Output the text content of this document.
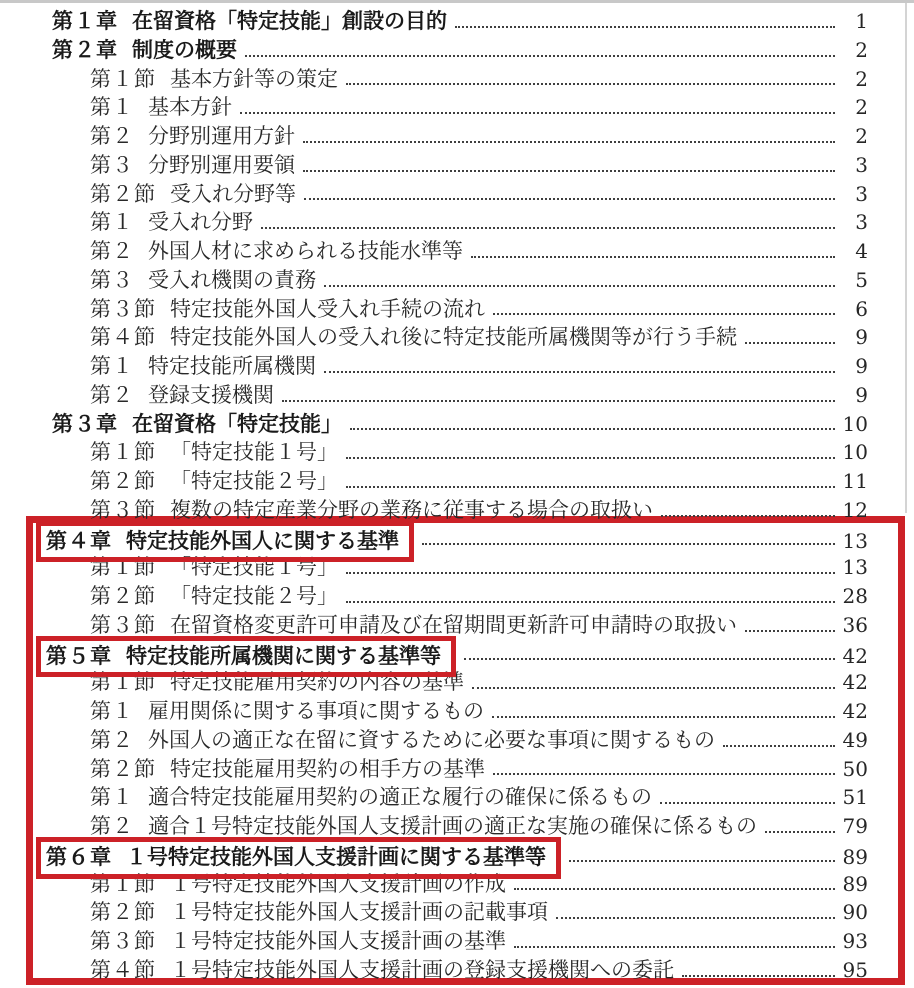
第１章 在留資格「特定技能」創設の目的	1
第２章 制度の概要	2
第１節 基本方針等の策定	2
第１ 基本方針	2
第２ 分野別運用方針	2
第３ 分野別運用要領	3
第２節 受入れ分野等	3
第１ 受入れ分野	3
第２ 外国人材に求められる技能水準等	4
第３ 受入れ機関の責務	5
第３節 特定技能外国人受入れ手続の流れ	6
第４節 特定技能外国人の受入れ後に特定技能所属機関等が行う手続	9
第１ 特定技能所属機関	9
第２ 登録支援機関	9
第３章 在留資格「特定技能」	10
第１節 「特定技能１号」	10
第２節 「特定技能２号」	11
第３節 複数の特定産業分野の業務に従事する場合の取扱い	12
第４章 特定技能外国人に関する基準	13
第１節 「特定技能１号」	13
第２節 「特定技能２号」	28
第３節 在留資格変更許可申請及び在留期間更新許可申請時の取扱い	36
第５章 特定技能所属機関に関する基準等	42
第１節 特定技能雇用契約の内容の基準	42
第１ 雇用関係に関する事項に関するもの	42
第２ 外国人の適正な在留に資するために必要な事項に関するもの	49
第２節 特定技能雇用契約の相手方の基準	50
第１ 適合特定技能雇用契約の適正な履行の確保に係るもの	51
第２ 適合１号特定技能外国人支援計画の適正な実施の確保に係るもの	79
第６章 １号特定技能外国人支援計画に関する基準等	89
第１節 １号特定技能外国人支援計画の作成	89
第２節 １号特定技能外国人支援計画の記載事項	90
第３節 １号特定技能外国人支援計画の基準	93
第４節 １号特定技能外国人支援計画の登録支援機関への委託	95
